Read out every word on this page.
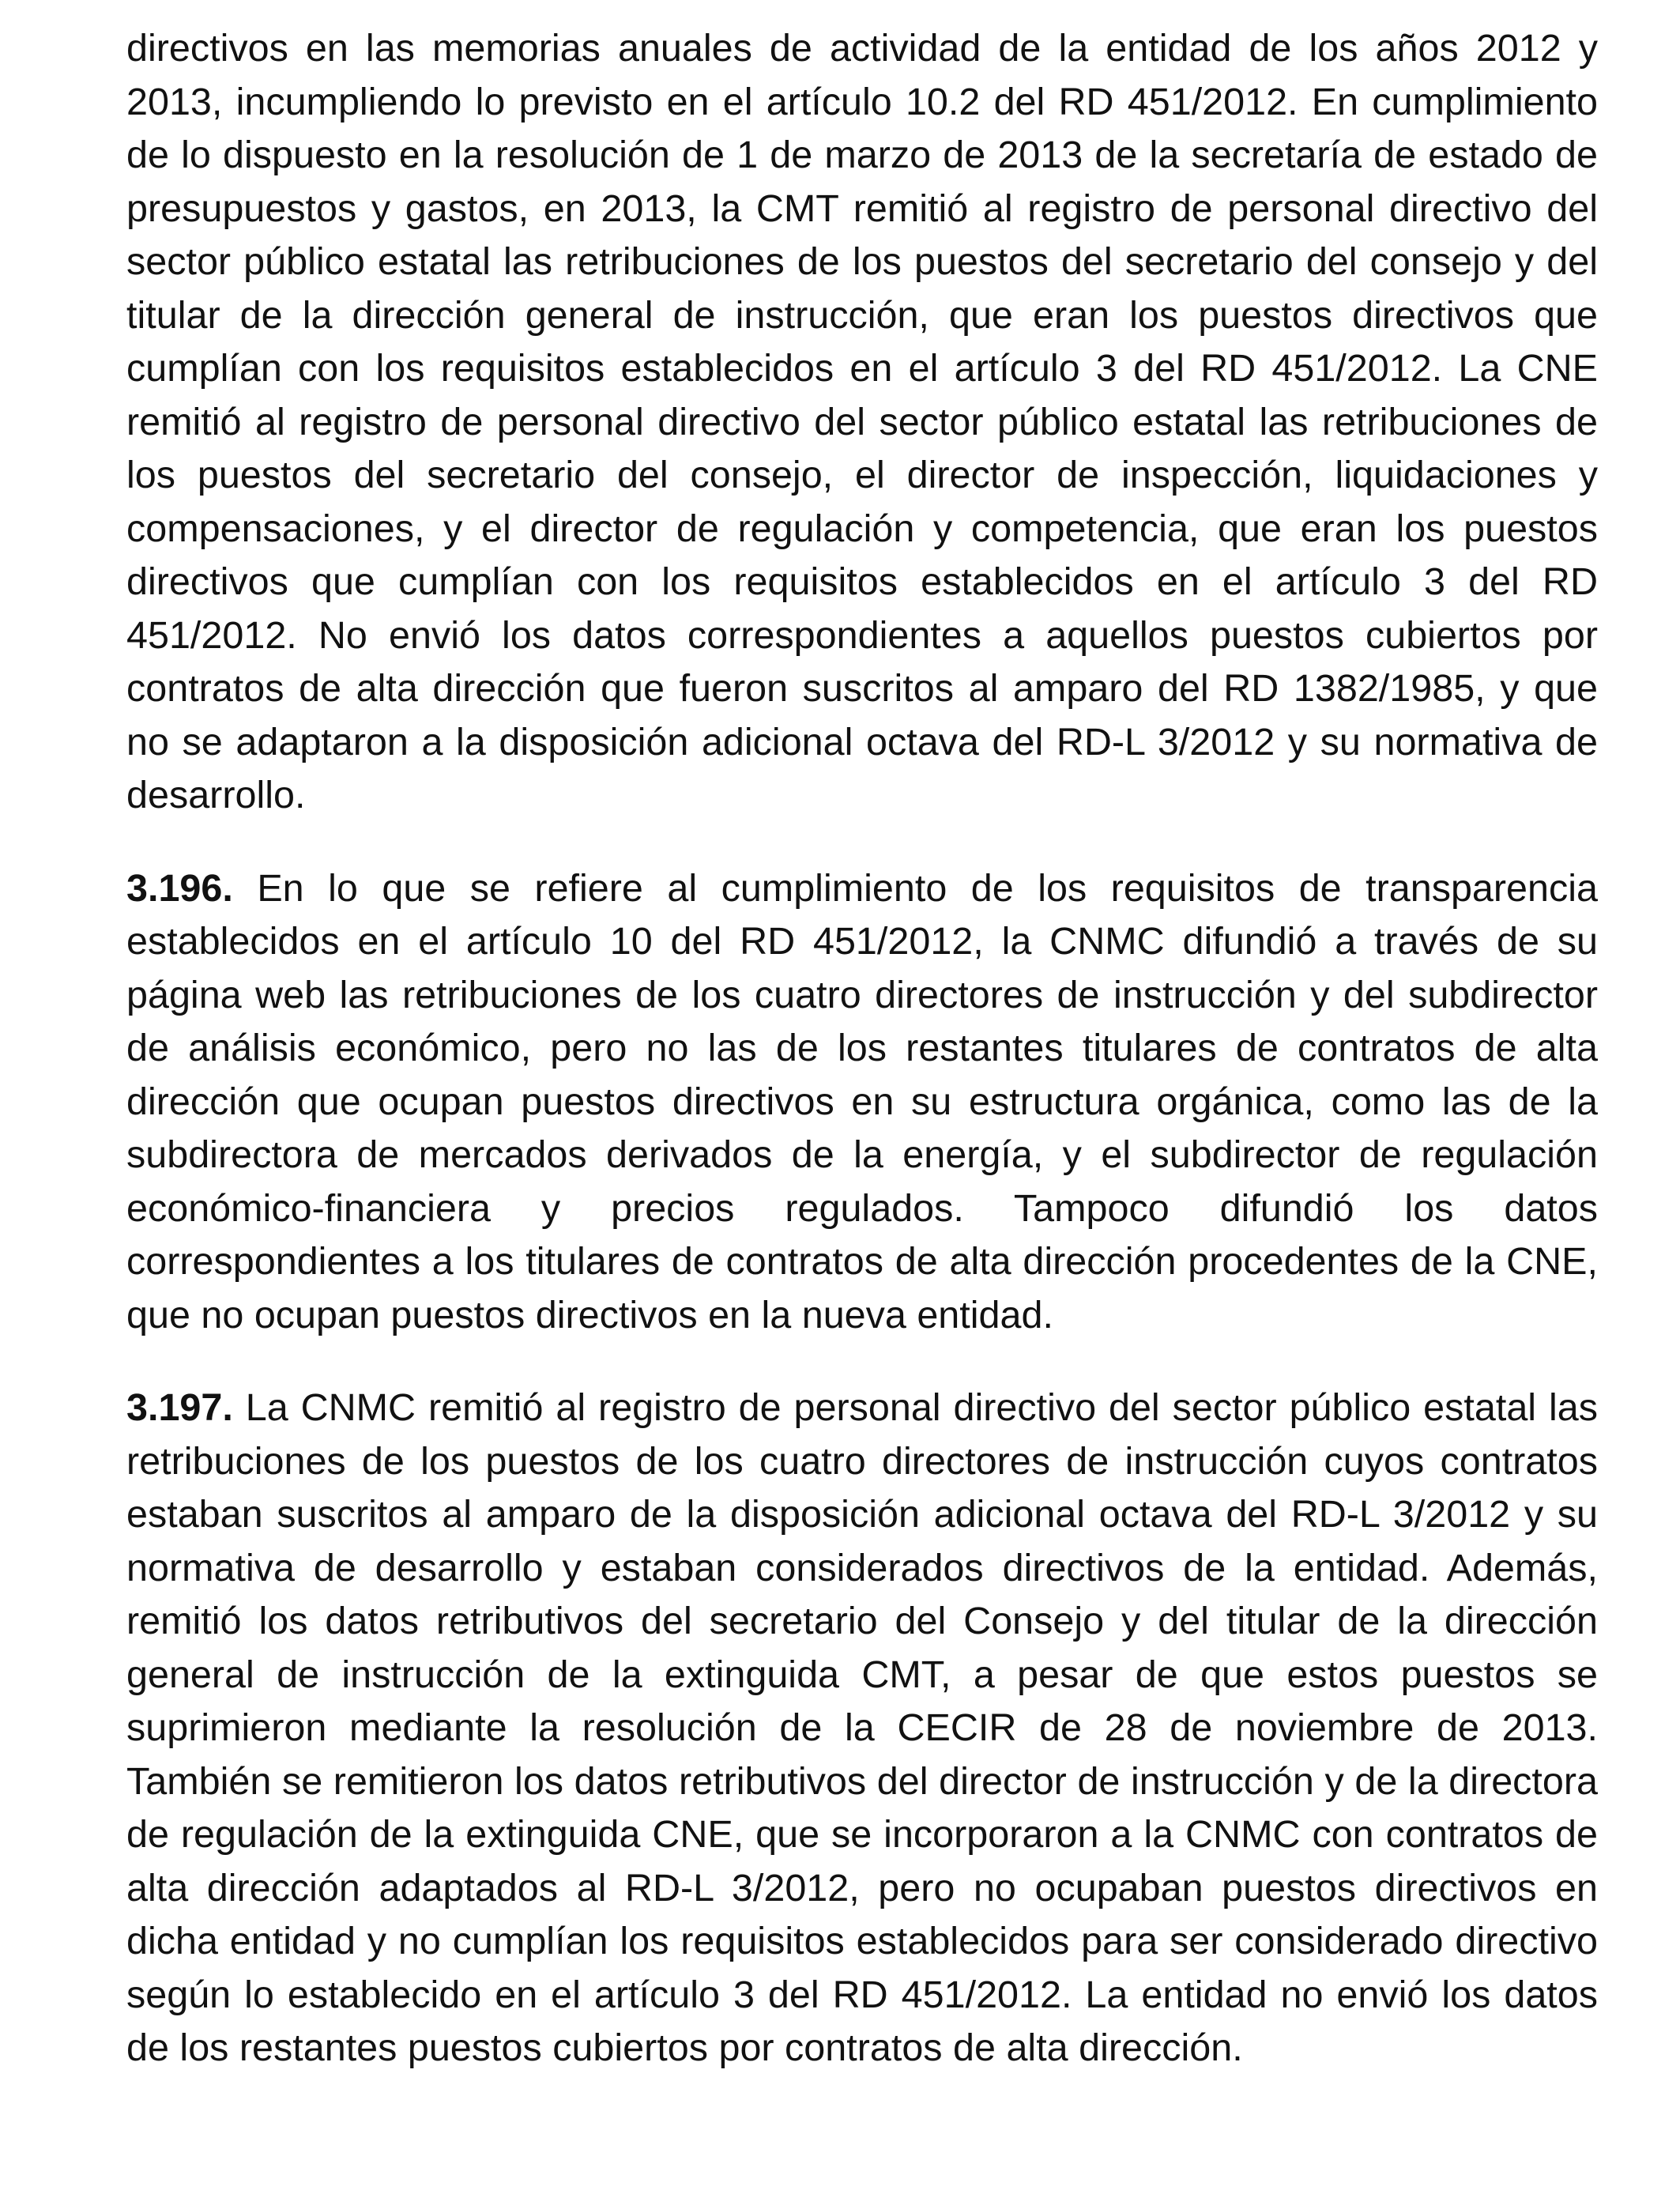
directivos en las memorias anuales de actividad de la entidad de los años 2012 y 2013, incumpliendo lo previsto en el artículo 10.2 del RD 451/2012. En cumplimiento de lo dispuesto en la resolución de 1 de marzo de 2013 de la secretaría de estado de presupuestos y gastos, en 2013, la CMT remitió al registro de personal directivo del sector público estatal las retribuciones de los puestos del secretario del consejo y del titular de la dirección general de instrucción, que eran los puestos directivos que cumplían con los requisitos establecidos en el artículo 3 del RD 451/2012. La CNE remitió al registro de personal directivo del sector público estatal las retribuciones de los puestos del secretario del consejo, el director de inspección, liquidaciones y compensaciones, y el director de regulación y competencia, que eran los puestos directivos que cumplían con los requisitos establecidos en el artículo 3 del RD 451/2012. No envió los datos correspondientes a aquellos puestos cubiertos por contratos de alta dirección que fueron suscritos al amparo del RD 1382/1985, y que no se adaptaron a la disposición adicional octava del RD-L 3/2012 y su normativa de desarrollo.

3.196. En lo que se refiere al cumplimiento de los requisitos de transparencia establecidos en el artículo 10 del RD 451/2012, la CNMC difundió a través de su página web las retribuciones de los cuatro directores de instrucción y del subdirector de análisis económico, pero no las de los restantes titulares de contratos de alta dirección que ocupan puestos directivos en su estructura orgánica, como las de la subdirectora de mercados derivados de la energía, y el subdirector de regulación económico-financiera y precios regulados. Tampoco difundió los datos correspondientes a los titulares de contratos de alta dirección procedentes de la CNE, que no ocupan puestos directivos en la nueva entidad.

3.197. La CNMC remitió al registro de personal directivo del sector público estatal las retribuciones de los puestos de los cuatro directores de instrucción cuyos contratos estaban suscritos al amparo de la disposición adicional octava del RD-L 3/2012 y su normativa de desarrollo y estaban considerados directivos de la entidad. Además, remitió los datos retributivos del secretario del Consejo y del titular de la dirección general de instrucción de la extinguida CMT, a pesar de que estos puestos se suprimieron mediante la resolución de la CECIR de 28 de noviembre de 2013. También se remitieron los datos retributivos del director de instrucción y de la directora de regulación de la extinguida CNE, que se incorporaron a la CNMC con contratos de alta dirección adaptados al RD-L 3/2012, pero no ocupaban puestos directivos en dicha entidad y no cumplían los requisitos establecidos para ser considerado directivo según lo establecido en el artículo 3 del RD 451/2012. La entidad no envió los datos de los restantes puestos cubiertos por contratos de alta dirección.
